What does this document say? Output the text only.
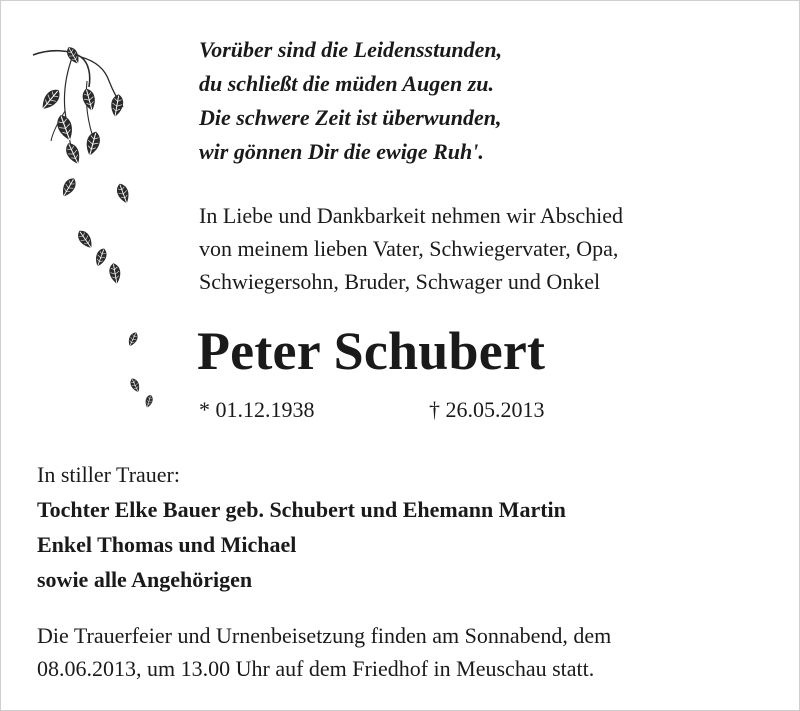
Vorüber sind die Leidensstunden,
du schließt die müden Augen zu.
Die schwere Zeit ist überwunden,
wir gönnen Dir die ewige Ruh'.
In Liebe und Dankbarkeit nehmen wir Abschied
von meinem lieben Vater, Schwiegervater, Opa,
Schwiegersohn, Bruder, Schwager und Onkel
Peter Schubert
* 01.12.1938	† 26.05.2013
In stiller Trauer:
Tochter Elke Bauer geb. Schubert und Ehemann Martin
Enkel Thomas und Michael
sowie alle Angehörigen
Die Trauerfeier und Urnenbeisetzung finden am Sonnabend, dem
08.06.2013, um 13.00 Uhr auf dem Friedhof in Meuschau statt.
